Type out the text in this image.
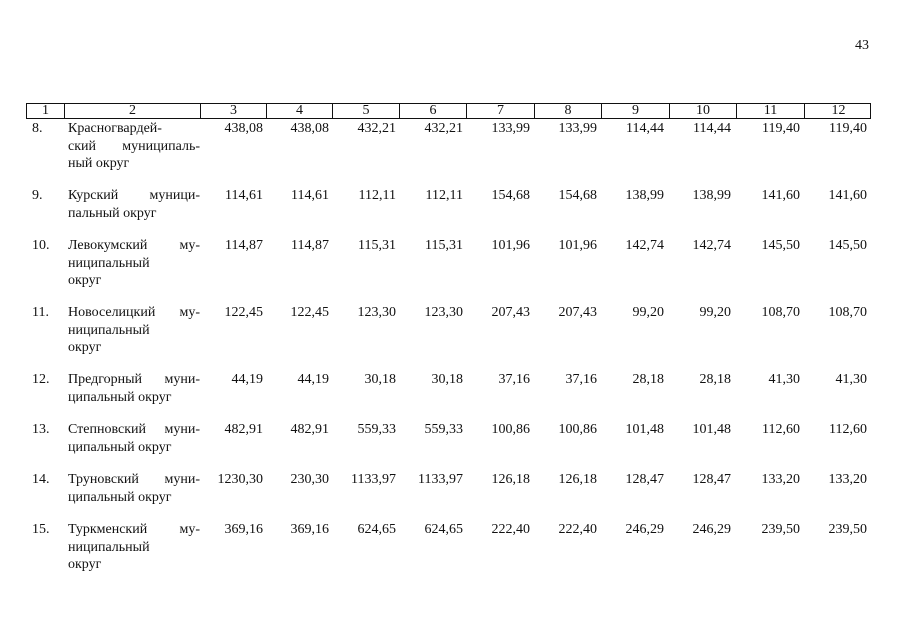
43
1	2	3	4	5	6	7	8	9	10	11	12
8.	Красногвардей-
ский муниципаль-
ный округ
438,08 438,08 432,21 432,21 133,99 133,99 114,44 114,44 119,40 119,40
9.	Курский муници-
пальный округ
114,61 114,61 112,11 112,11 154,68 154,68 138,99 138,99 141,60 141,60
10.	Левокумский му-
ниципальный
округ
114,87 114,87 115,31 115,31 101,96 101,96 142,74 142,74 145,50 145,50
11.	Новоселицкий му-
ниципальный
округ
122,45 122,45 123,30 123,30 207,43 207,43	99,20	99,20 108,70 108,70
12.	Предгорный муни-
ципальный округ
44,19 44,19	30,18	30,18	37,16	37,16	28,18	28,18	41,30	41,30
13.	Степновский муни-
ципальный округ
482,91 482,91 559,33 559,33 100,86 100,86 101,48 101,48 112,60 112,60
14.	Труновский муни-
ципальный округ
1230,30 230,30 1133,97 1133,97 126,18 126,18 128,47 128,47 133,20 133,20
15.	Туркменский му-
ниципальный
округ
369,16 369,16 624,65 624,65 222,40 222,40 246,29 246,29 239,50 239,50
